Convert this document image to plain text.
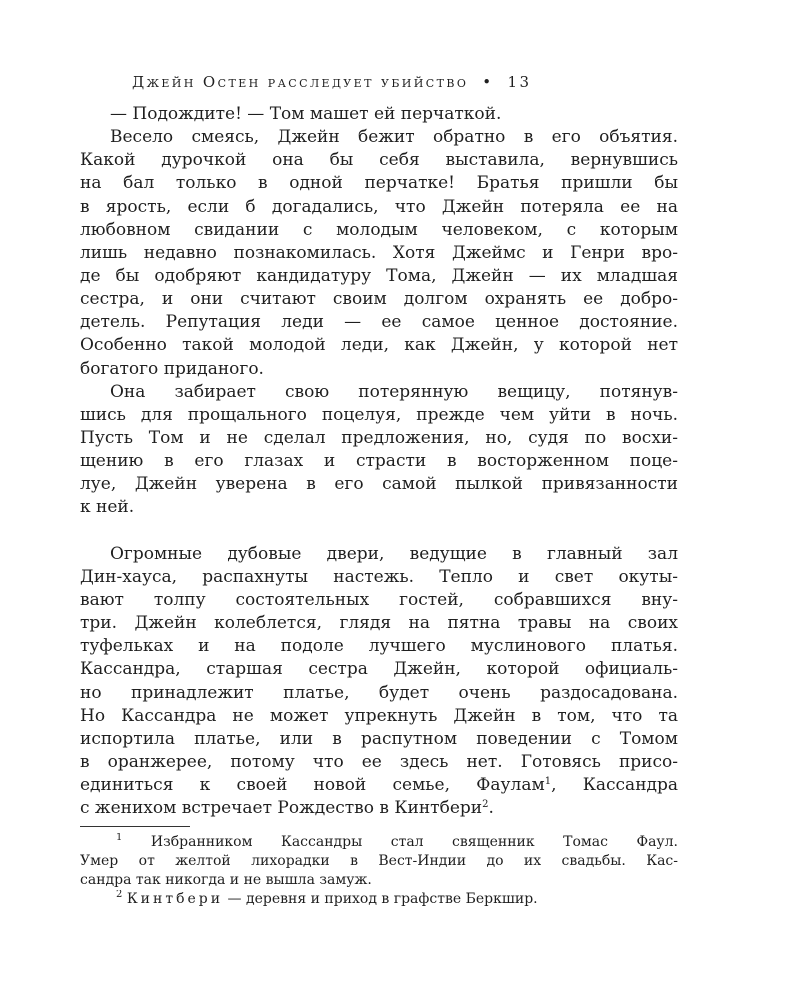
Джейн Остен расследует убийство • 13
— Подождите! — Том машет ей перчаткой.
Весело смеясь, Джейн бежит обратно в его объятия.
Какой дурочкой она бы себя выставила, вернувшись
на бал только в одной перчатке! Братья пришли бы
в ярость, если б догадались, что Джейн потеряла ее на
любовном свидании с молодым человеком, с которым
лишь недавно познакомилась. Хотя Джеймс и Генри вро-
де бы одобряют кандидатуру Тома, Джейн — их младшая
сестра, и они считают своим долгом охранять ее добро-
детель. Репутация леди — ее самое ценное достояние.
Особенно такой молодой леди, как Джейн, у которой нет
богатого приданого.
Она забирает свою потерянную вещицу, потянув-
шись для прощального поцелуя, прежде чем уйти в ночь.
Пусть Том и не сделал предложения, но, судя по восхи-
щению в его глазах и страсти в восторженном поце-
луе, Джейн уверена в его самой пылкой привязанности
к ней.
Огромные дубовые двери, ведущие в главный зал
Дин-хауса, распахнуты настежь. Тепло и свет окуты-
вают толпу состоятельных гостей, собравшихся вну-
три. Джейн колеблется, глядя на пятна травы на своих
туфельках и на подоле лучшего муслинового платья.
Кассандра, старшая сестра Джейн, которой официаль-
но принадлежит платье, будет очень раздосадована.
Но Кассандра не может упрекнуть Джейн в том, что та
испортила платье, или в распутном поведении с Томом
в оранжерее, потому что ее здесь нет. Готовясь присо-
единиться к своей новой семье, Фаулам$^1$, Кассандра
с женихом встречает Рождество в Кинтбери$^2$.
$^1$ Избранником Кассандры стал священник Томас Фаул.
Умер от желтой лихорадки в Вест-Индии до их свадьбы. Кас-
сандра так никогда и не вышла замуж.
$^2$ Кинтбери — деревня и приход в графстве Беркшир.
